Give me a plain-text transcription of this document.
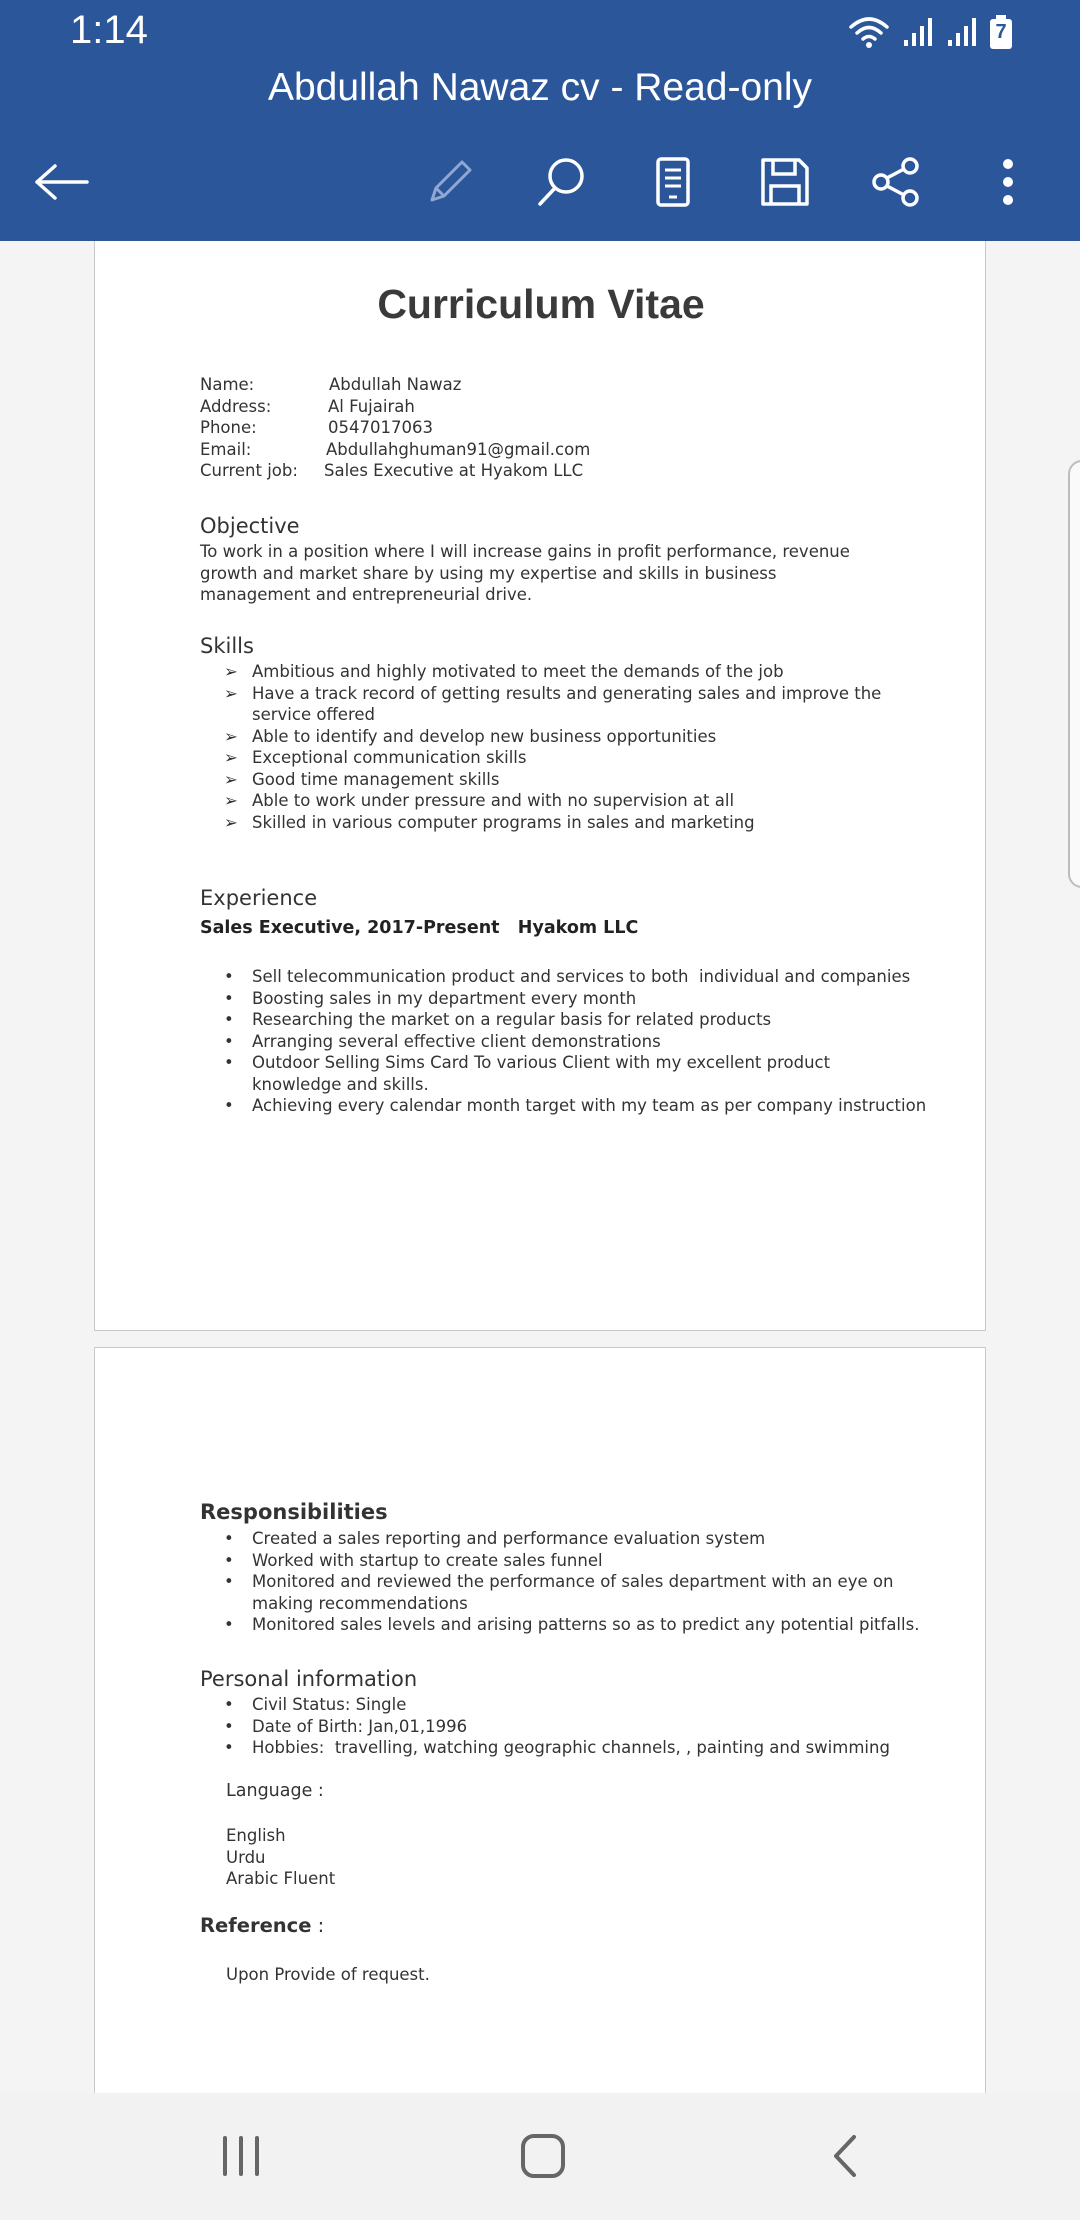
1:14	7
Abdullah Nawaz cv - Read-only
Curriculum Vitae
Name:	Abdullah Nawaz
Address:	Al Fujairah
Phone:	0547017063
Email:	Abdullahghuman91@gmail.com
Current job: Sales Executive at Hyakom LLC
Objective
To work in a position where I will increase gains in profit performance, revenue growth and market share by using my expertise and skills in business management and entrepreneurial drive.
Skills
➢ Ambitious and highly motivated to meet the demands of the job
➢ Have a track record of getting results and generating sales and improve the service offered
➢ Able to identify and develop new business opportunities
➢ Exceptional communication skills
➢ Good time management skills
➢ Able to work under pressure and with no supervision at all
➢ Skilled in various computer programs in sales and marketing
Experience
Sales Executive, 2017-Present   Hyakom LLC
• Sell telecommunication product and services to both  individual and companies
• Boosting sales in my department every month
• Researching the market on a regular basis for related products
• Arranging several effective client demonstrations
• Outdoor Selling Sims Card To various Client with my excellent product knowledge and skills.
• Achieving every calendar month target with my team as per company instruction
Responsibilities
• Created a sales reporting and performance evaluation system
• Worked with startup to create sales funnel
• Monitored and reviewed the performance of sales department with an eye on making recommendations
• Monitored sales levels and arising patterns so as to predict any potential pitfalls.
Personal information
• Civil Status: Single
• Date of Birth: Jan,01,1996
• Hobbies:  travelling, watching geographic channels, , painting and swimming
Language :
English
Urdu
Arabic Fluent
Reference :
Upon Provide of request.
